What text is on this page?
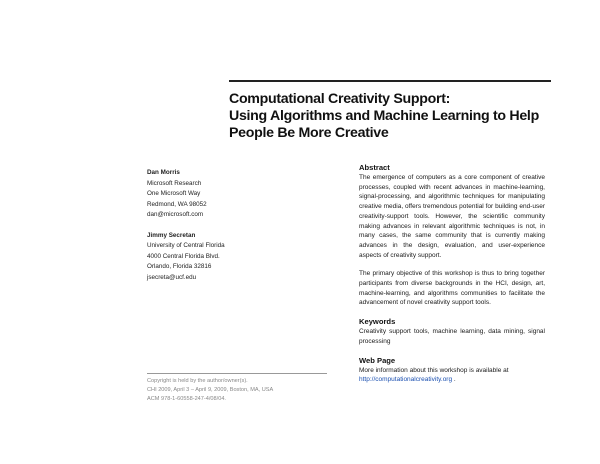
Computational Creativity Support:
Using Algorithms and Machine Learning to Help
People Be More Creative
Dan Morris
Microsoft Research
One Microsoft Way
Redmond, WA 98052
dan@microsoft.com
Jimmy Secretan
University of Central Florida
4000 Central Florida Blvd.
Orlando, Florida 32816
jsecreta@ucf.edu
Copyright is held by the author/owner(s).
CHI 2009, April 3 – April 9, 2009, Boston, MA, USA
ACM 978-1-60558-247-4/08/04.
Abstract

The emergence of computers as a core component of creative processes, coupled with recent advances in machine-learning, signal-processing, and algorithmic techniques for manipulating creative media, offers tremendous potential for building end-user creativity-support tools. However, the scientific community making advances in relevant algorithmic techniques is not, in many cases, the same community that is currently making advances in the design, evaluation, and user-experience aspects of creativity support.

The primary objective of this workshop is thus to bring together participants from diverse backgrounds in the HCI, design, art, machine-learning, and algorithms communities to facilitate the advancement of novel creativity support tools.

Keywords

Creativity support tools, machine learning, data mining, signal processing

Web Page

More information about this workshop is available at
http://computationalcreativity.org .
